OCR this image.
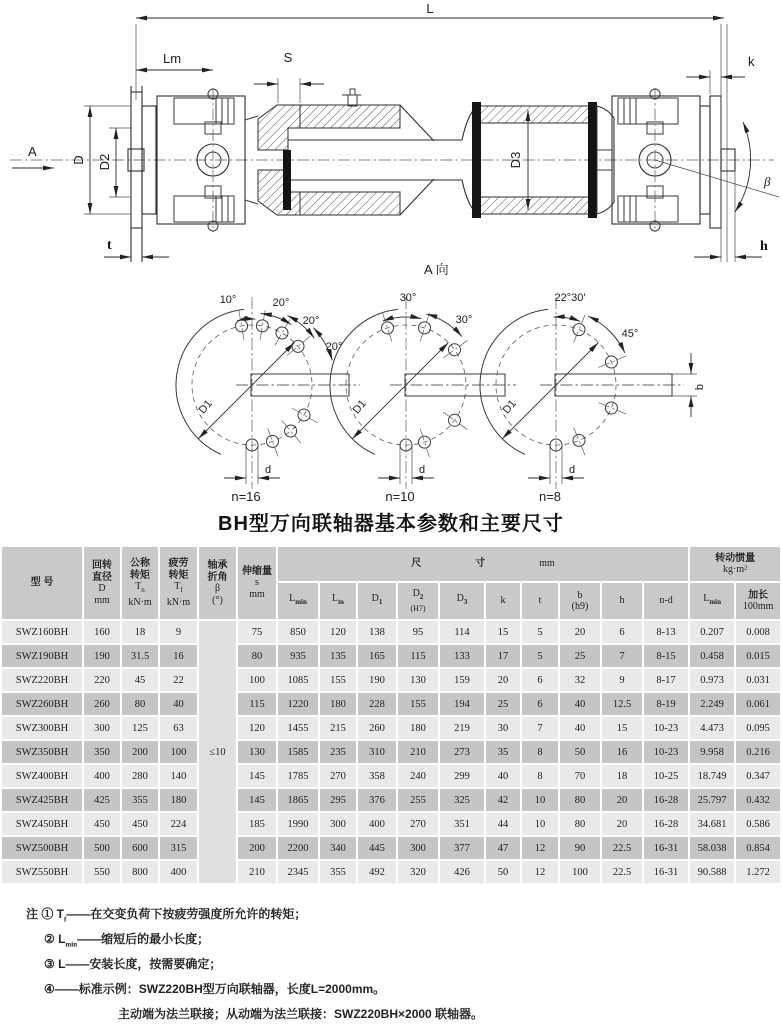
A
L
Lm	S	k
D D2	D3
t	h
β
A 向
10°	20°
20°
20°
D1
d
n=16
30°
30°
D1
d
n=10
22°30′
45°
D1
b
d
n=8
BH型万向联轴器基本参数和主要尺寸
型 号	
回转
直径
D
mm

公称
转矩
$T_n$
kN·m

疲劳
转矩
$T_f$
kN·m

轴承
折角
β
(°)

伸缩量
s
mm

尺	寸	mm

转动惯量
kg·m²

$L_{min}$	$L_m$	$D_1$	
$D_2$
(H7)
	$D_3$	k	t	
b
(h9)
	h	n-d	$L_{min}$	
加长
100mm

SWZ160BH	160	18	9	≤10	75	850	120	138	95	114	15	5	20	6	8-13	0.207	0.008
SWZ190BH	190	31.5	16		80	935	135	165	115	133	17	5	25	7	8-15	0.458	0.015
SWZ220BH	220	45	22		100	1085	155	190	130	159	20	6	32	9	8-17	0.973	0.031
SWZ260BH	260	80	40		115	1220	180	228	155	194	25	6	40	12.5	8-19	2.249	0.061
SWZ300BH	300	125	63		120	1455	215	260	180	219	30	7	40	15	10-23	4.473	0.095
SWZ350BH	350	200	100		130	1585	235	310	210	273	35	8	50	16	10-23	9.958	0.216
SWZ400BH	400	280	140		145	1785	270	358	240	299	40	8	70	18	10-25	18.749	0.347
SWZ425BH	425	355	180		145	1865	295	376	255	325	42	10	80	20	16-28	25.797	0.432
SWZ450BH	450	450	224		185	1990	300	400	270	351	44	10	80	20	16-28	34.681	0.586
SWZ500BH	500	600	315		200	2200	340	445	300	377	47	12	90	22.5	16-31	58.038	0.854
SWZ550BH	550	800	400		210	2345	355	492	320	426	50	12	100	22.5	16-31	90.588	1.272
注 ① $T_f——$在交变负荷下按疲劳强度所允许的转矩；
② $L_{min}——$缩短后的最小长度；
③ L——安装长度，按需要确定；
④——标准示例：SWZ220BH型万向联轴器，长度L=2000mm。
主动端为法兰联接；从动端为法兰联接：SWZ220BH×2000 联轴器。
